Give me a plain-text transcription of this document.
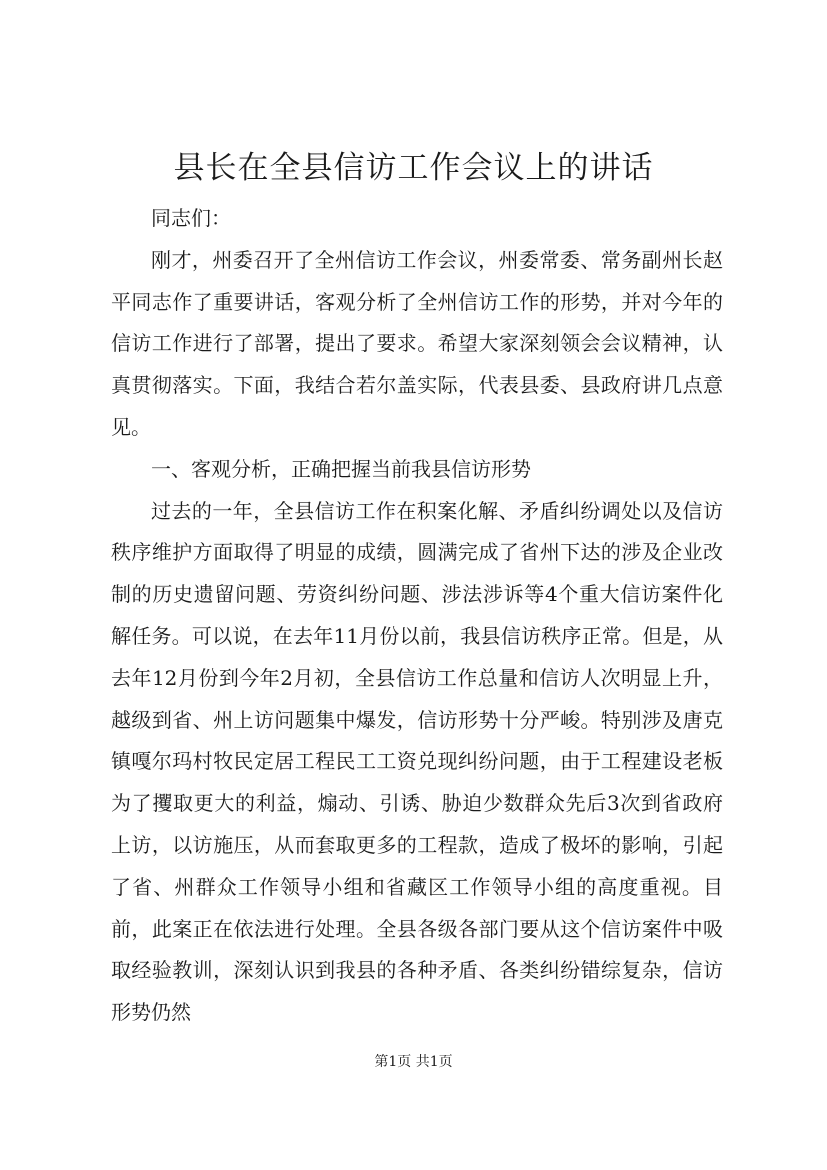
县长在全县信访工作会议上的讲话

同志们：

刚才，州委召开了全州信访工作会议，州委常委、常务副州长赵平同志作了重要讲话，客观分析了全州信访工作的形势，并对今年的信访工作进行了部署，提出了要求。希望大家深刻领会会议精神，认真贯彻落实。下面，我结合若尔盖实际，代表县委、县政府讲几点意见。

一、客观分析，正确把握当前我县信访形势

过去的一年，全县信访工作在积案化解、矛盾纠纷调处以及信访秩序维护方面取得了明显的成绩，圆满完成了省州下达的涉及企业改制的历史遗留问题、劳资纠纷问题、涉法涉诉等4个重大信访案件化解任务。可以说，在去年11月份以前，我县信访秩序正常。但是，从去年12月份到今年2月初，全县信访工作总量和信访人次明显上升，越级到省、州上访问题集中爆发，信访形势十分严峻。特别涉及唐克镇嘎尔玛村牧民定居工程民工工资兑现纠纷问题，由于工程建设老板为了攫取更大的利益，煽动、引诱、胁迫少数群众先后3次到省政府上访，以访施压，从而套取更多的工程款，造成了极坏的影响，引起了省、州群众工作领导小组和省藏区工作领导小组的高度重视。目前，此案正在依法进行处理。全县各级各部门要从这个信访案件中吸取经验教训，深刻认识到我县的各种矛盾、各类纠纷错综复杂，信访形势仍然

第1页 共1页
